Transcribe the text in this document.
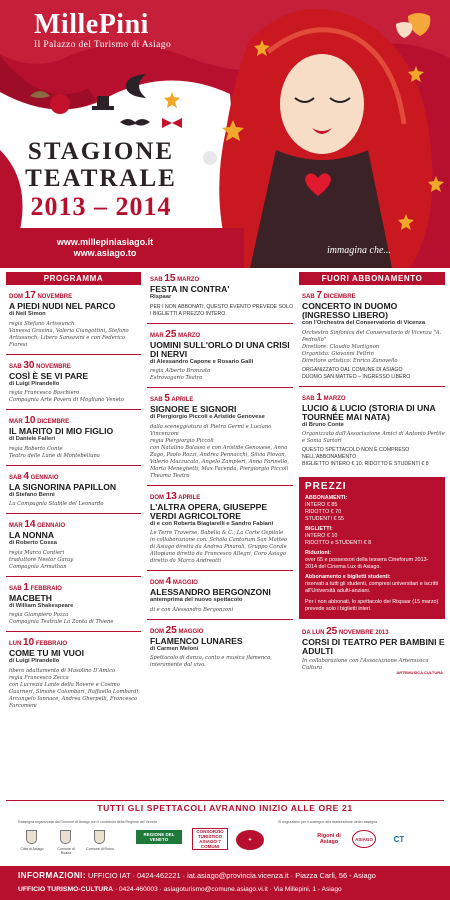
MillePini
Il Palazzo del Turismo di Asiago
STAGIONE
TEATRALE
2013 – 2014
www.millepiniasiago.it
www.asiago.to	immagina che...
PROGRAMMA
DOM 17 NOVEMBRE
A PIEDI NUDI NEL PARCO
di Neil Simon
regia Stefano Artissunch
Vanessa Gravina, Valeria Ciangottini, Stefano Artissunch, Libero Sansavini e con Federico Fioresi
SAB 30 NOVEMBRE
COSÌ È SE VI PARE
di Luigi Pirandello
regia Francesco Boschiero
Compagnia Arte Povera di Mogliano Veneto
MAR 10 DICEMBRE
IL MARITO DI MIO FIGLIO
di Daniele Falleri
regia Roberto Conte
Teatro delle Lune di Montebelluna
SAB 4 GENNAIO
LA SIGNORINA PAPILLON
di Stefano Benni
La Compagnia Stabile del Leonardo
MAR 14 GENNAIO
LA NONNA
di Roberto Cossa
regia Marco Cantieri
traduttore Nestor Garay
Compagnia Armathan
SAB 1 FEBBRAIO
MACBETH
di William Shakespeare
regia Giampiero Pozza
Compagnia Teatrale La Zonta di Thiene
LUN 10 FEBBRAIO
COME TU MI VUOI
di Luigi Pirandello
libero adattamento di Masolino D'Amico
regia Francesco Zecca
con Lucrezia Lante della Rovere e Cosimo Guarneri, Simone Colombari, Raffaello Lombardi, Arcangelo Iannace, Andrea Gherpelli, Francesca Farcomeni
SAB 15 MARZO
FESTA IN CONTRA'
Rispaar
PER I NON ABBONATI, QUESTO EVENTO PREVEDE SOLO I BIGLIETTI A PREZZO INTERO.
MAR 25 MARZO
UOMINI SULL'ORLO DI UNA CRISI DI NERVI
di Alessandro Capone e Rosario Galli
regia Alberto Bronzato
Estravagario Teatro
SAB 5 APRILE
SIGNORE E SIGNORI
di Piergiorgio Piccoli e Aristide Genovese
dalla sceneggiatura di Pietro Germi e Luciano Vincenzoni
regia Piergiorgio Piccoli
con Natalino Balasso e con Aristide Genovese, Anna Zago, Paolo Rozzi, Andrea Pennacchi, Silvia Piovan, Valerio Mazzucato, Angelo Zampieri, Anna Farinello, Marta Meneghetti, Max Facenda, Piergiorgio Piccoli
Theama Teatro
DOM 13 APRILE
L'ALTRA OPERA, GIUSEPPE VERDI AGRICOLTORE
di e con Roberta Biagiarelli e Sandro Fabiani
Le Terre Traverse, Babelia & C., La Corte Ospitale
in collaborazione con: Schola Cantorum San Matteo di Asiago diretta da Andrea Pinaroli, Gruppo Corale Altopiano diretto da Francesco Allegri, Coro Asiago diretto da Marco Andreotti
DOM 4 MAGGIO
ALESSANDRO BERGONZONI
antemprima del nuovo spettacolo
di e con Alessandro Bergonzoni
DOM 25 MAGGIO
FLAMENCO LUNARES
di Carmen Meloni
Spettacolo di danza, canto e musica flamenca, interamente dal vivo.
FUORI ABBONAMENTO
SAB 7 DICEMBRE
CONCERTO IN DUOMO (INGRESSO LIBERO)
con l'Orchestra del Conservatorio di Vicenza
Orchestra Sinfonica del Conservatorio di Vicenza "A. Pedrollo"
Direttore: Claudio Martignon
Organista: Giovanni Feltrin
Direttore artistico: Enrico Zanovello
ORGANIZZATO DAL COMUNE DI ASIAGO
DUOMO SAN MATTEO – INGRESSO LIBERO
SAB 1 MARZO
LUCIO & LUCIO (STORIA DI UNA TOURNÉE MAI NATA)
di Bruno Conte
Organizzato dall'Associazione Amici di Antonio Pertile e Sonia Sartori
QUESTO SPETTACOLO NON È COMPRESO NELL'ABBONAMENTO
BIGLIETTO INTERO € 10, RIDOTTO E STUDENTI € 8
PREZZI
ABBONAMENTI:
INTERO € 85
RIDOTTO € 70
STUDENTI € 55
BIGLIETTI:
INTERO € 10
RIDOTTO e STUDENTI € 8
Riduzioni:
over 65 e possessori della tessera Cineforum 2013-2014 del Cinema Lux di Asiago.
Abbonamento e biglietti studenti:
riservati a tutti gli studenti, compresi universitari e iscritti all'Università adulti-anziani.
Per i non abbonati, lo spettacolo dei Rispaar (15 marzo) prevede solo i biglietti interi.
DA LUN 25 NOVEMBRE 2013
CORSI DI TEATRO PER BAMBINI E ADULTI
In collaborazione con l'Associazione Artemusica Cultura
ARTEMUSICA CULTURA
TUTTI GLI SPETTACOLI AVRANNO INIZIO ALLE ORE 21
Rassegna organizzata dal Comune di Asiago con il contributo della Regione del Veneto	Si ringraziano per il sostegno alla realizzazione della rassegna
Città di Asiago	Comune di Roana
Comune di Rotzo
REGIONE DEL VENETO
CONSORZIO TURISTICO ASIAGO 7 COMUNI
✦
Rigoni di Asiago	ASIAGO	CT
INFORMAZIONI: UFFICIO IAT · 0424-462221 · iat.asiago@provincia.vicenza.it · Piazza Carli, 56 - Asiago
UFFICIO TURISMO-CULTURA · 0424-460003 · asiagoturismo@comune.asiago.vi.it · Via Millepini, 1 - Asiago
